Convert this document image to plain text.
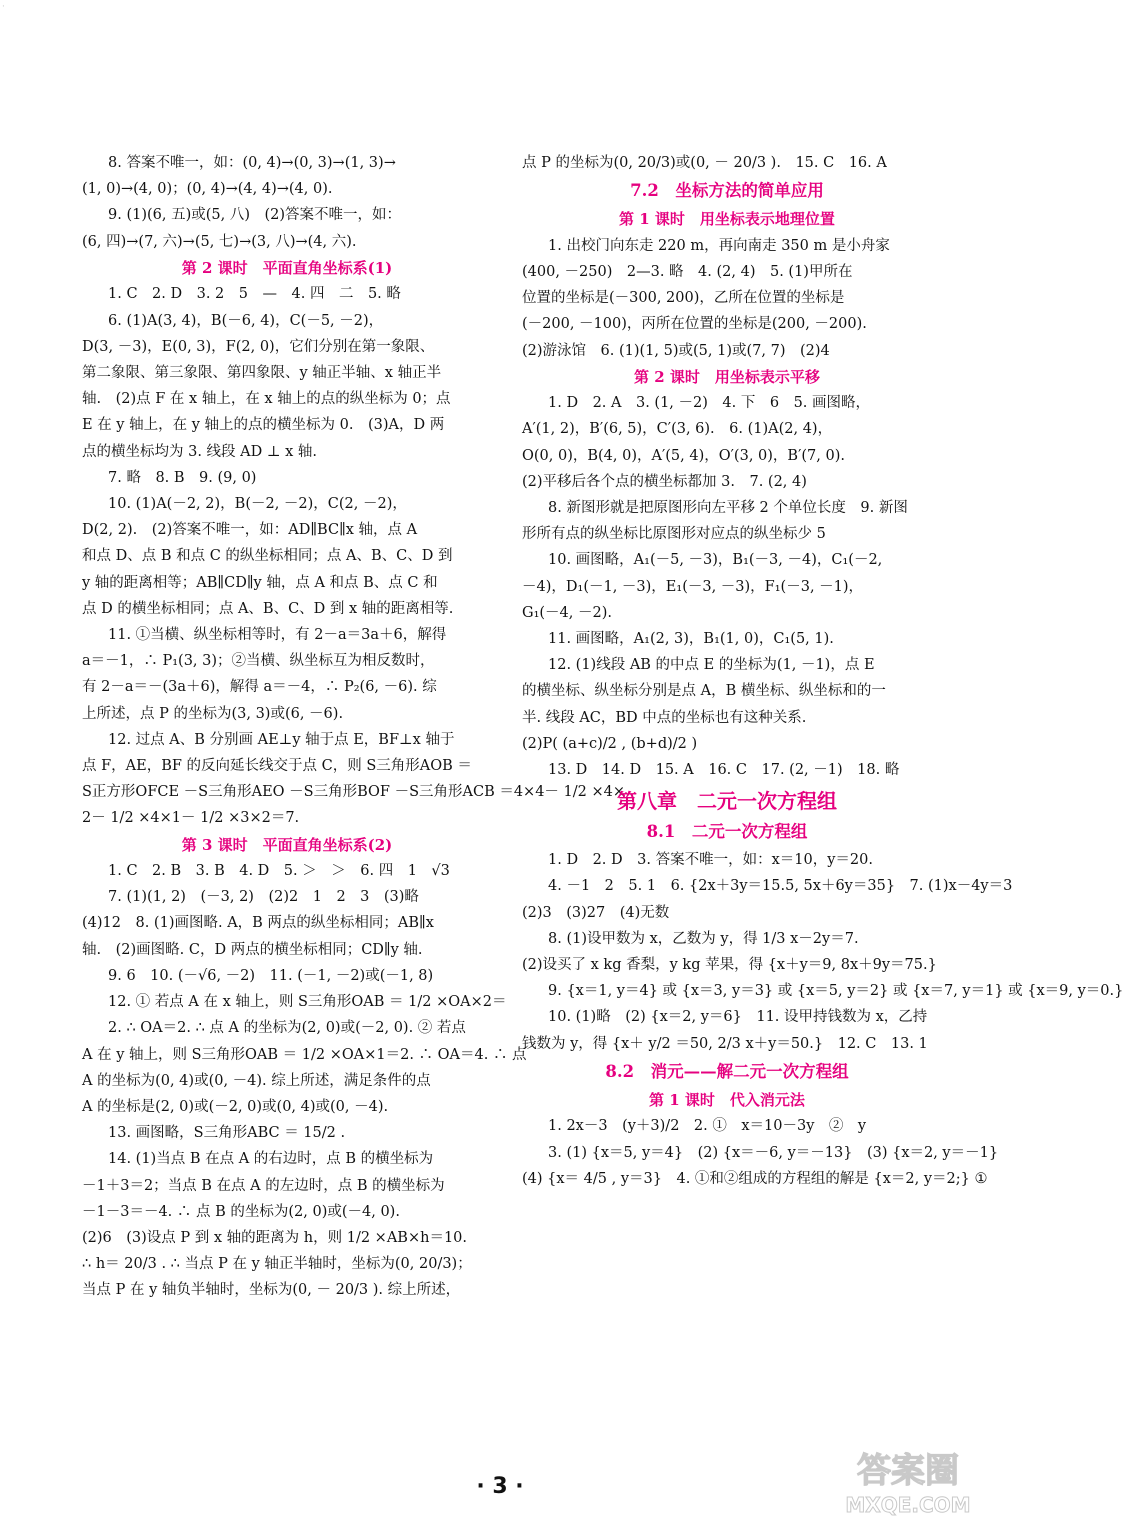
8. 答案不唯一，如：(0, 4)→(0, 3)→(1, 3)→

(1, 0)→(4, 0)；(0, 4)→(4, 4)→(4, 0).

9. (1)(6, 五)或(5, 八)　(2)答案不唯一，如：

(6, 四)→(7, 六)→(5, 七)→(3, 八)→(4, 六).

第 2 课时　平面直角坐标系(1)

1. C　2. D　3. 2　5　—　4. 四　二　5. 略

6. (1)A(3, 4)，B(－6, 4)，C(－5, －2)，

D(3, －3)，E(0, 3)，F(2, 0)，它们分别在第一象限、

第二象限、第三象限、第四象限、y 轴正半轴、x 轴正半

轴.　(2)点 F 在 x 轴上，在 x 轴上的点的纵坐标为 0；点

E 在 y 轴上，在 y 轴上的点的横坐标为 0.　(3)A，D 两

点的横坐标均为 3. 线段 AD ⊥ x 轴.

7. 略　8. B　9. (9, 0)

10. (1)A(－2, 2)，B(－2, －2)，C(2, －2)，

D(2, 2).　(2)答案不唯一，如：AD∥BC∥x 轴，点 A

和点 D、点 B 和点 C 的纵坐标相同；点 A、B、C、D 到

y 轴的距离相等；AB∥CD∥y 轴，点 A 和点 B、点 C 和

点 D 的横坐标相同；点 A、B、C、D 到 x 轴的距离相等.

11. ①当横、纵坐标相等时，有 2－a＝3a＋6，解得

a＝－1，∴ P₁(3, 3)；②当横、纵坐标互为相反数时，

有 2－a＝－(3a＋6)，解得 a＝－4，∴ P₂(6, －6). 综

上所述，点 P 的坐标为(3, 3)或(6, －6).

12. 过点 A、B 分别画 AE⊥y 轴于点 E，BF⊥x 轴于

点 F，AE，BF 的反向延长线交于点 C，则 S三角形AOB ＝

S正方形OFCE －S三角形AEO －S三角形BOF －S三角形ACB ＝4×4－ 1/2 ×4×

2－ 1/2 ×4×1－ 1/2 ×3×2＝7.

第 3 课时　平面直角坐标系(2)

1. C　2. B　3. B　4. D　5. ＞　＞　6. 四　1　√3

7. (1)(1, 2)　(－3, 2)　(2)2　1　2　3　(3)略

(4)12　8. (1)画图略. A，B 两点的纵坐标相同；AB∥x

轴.　(2)画图略. C，D 两点的横坐标相同；CD∥y 轴.

9. 6　10. (－√6, －2)　11. (－1, －2)或(－1, 8)

12. ① 若点 A 在 x 轴上，则 S三角形OAB ＝ 1/2 ×OA×2＝

2. ∴ OA＝2. ∴ 点 A 的坐标为(2, 0)或(－2, 0). ② 若点

A 在 y 轴上，则 S三角形OAB ＝ 1/2 ×OA×1＝2. ∴ OA＝4. ∴ 点

A 的坐标为(0, 4)或(0, －4). 综上所述，满足条件的点

A 的坐标是(2, 0)或(－2, 0)或(0, 4)或(0, －4).

13. 画图略，S三角形ABC ＝ 15/2 .

14. (1)当点 B 在点 A 的右边时，点 B 的横坐标为

－1＋3＝2；当点 B 在点 A 的左边时，点 B 的横坐标为

－1－3＝－4. ∴ 点 B 的坐标为(2, 0)或(－4, 0).

(2)6　(3)设点 P 到 x 轴的距离为 h，则 1/2 ×AB×h＝10.

∴ h＝ 20/3 . ∴ 当点 P 在 y 轴正半轴时，坐标为(0, 20/3)；

当点 P 在 y 轴负半轴时，坐标为(0, － 20/3 ). 综上所述，

点 P 的坐标为(0, 20/3)或(0, － 20/3 ).　15. C　16. A

7.2　坐标方法的简单应用

第 1 课时　用坐标表示地理位置

1. 出校门向东走 220 m，再向南走 350 m 是小舟家

(400, －250)　2—3. 略　4. (2, 4)　5. (1)甲所在

位置的坐标是(－300, 200)，乙所在位置的坐标是

(－200, －100)，丙所在位置的坐标是(200, －200).

(2)游泳馆　6. (1)(1, 5)或(5, 1)或(7, 7)　(2)4

第 2 课时　用坐标表示平移

1. D　2. A　3. (1, －2)　4. 下　6　5. 画图略，

A′(1, 2)，B′(6, 5)，C′(3, 6).　6. (1)A(2, 4)，

O(0, 0)，B(4, 0)，A′(5, 4)，O′(3, 0)，B′(7, 0).

(2)平移后各个点的横坐标都加 3.　7. (2, 4)

8. 新图形就是把原图形向左平移 2 个单位长度　9. 新图

形所有点的纵坐标比原图形对应点的纵坐标少 5

10. 画图略，A₁(－5, －3)，B₁(－3, －4)，C₁(－2,

－4)，D₁(－1, －3)，E₁(－3, －3)，F₁(－3, －1)，

G₁(－4, －2).

11. 画图略，A₁(2, 3)，B₁(1, 0)，C₁(5, 1).

12. (1)线段 AB 的中点 E 的坐标为(1, －1)，点 E

的横坐标、纵坐标分别是点 A，B 横坐标、纵坐标和的一

半. 线段 AC，BD 中点的坐标也有这种关系.

(2)P( (a+c)/2 , (b+d)/2 )

13. D　14. D　15. A　16. C　17. (2, －1)　18. 略

第八章　二元一次方程组

8.1　二元一次方程组

1. D　2. D　3. 答案不唯一，如：x＝10，y＝20.

4. －1　2　5. 1　6. {2x＋3y＝15.5, 5x＋6y＝35}　7. (1)x－4y＝3

(2)3　(3)27　(4)无数

8. (1)设甲数为 x，乙数为 y，得 1/3 x－2y＝7.

(2)设买了 x kg 香梨，y kg 苹果，得 {x＋y＝9, 8x＋9y＝75.}

9. {x＝1, y＝4} 或 {x＝3, y＝3} 或 {x＝5, y＝2} 或 {x＝7, y＝1} 或 {x＝9, y＝0.}

10. (1)略　(2) {x＝2, y＝6}　11. 设甲持钱数为 x，乙持

钱数为 y，得 {x＋ y/2 ＝50, 2/3 x＋y＝50.}　12. C　13. 1

8.2　消元——解二元一次方程组

第 1 课时　代入消元法

1. 2x－3　(y＋3)/2　2. ①　x＝10－3y　②　y

3. (1) {x＝5, y＝4}　(2) {x＝－6, y＝－13}　(3) {x＝2, y＝－1}

(4) {x＝ 4/5 , y＝3}　4. ①和②组成的方程组的解是 {x＝2, y＝2;} ①

· 3 ·
·
答案圈
MXQE.COM
